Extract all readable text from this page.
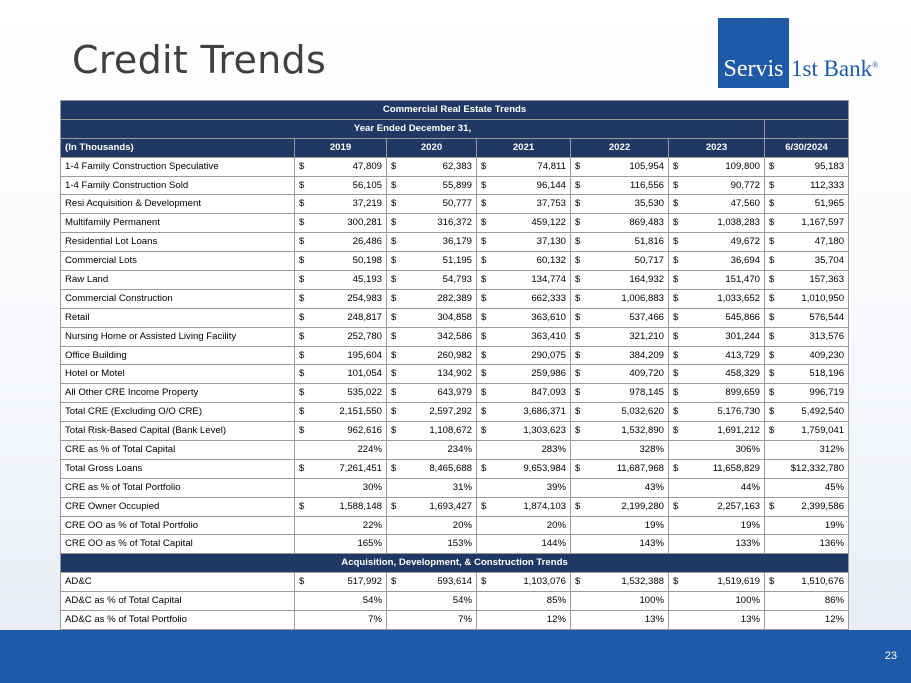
Credit Trends	Servis 1st Bank®
Commercial Real Estate Trends						
Year Ended December 31,						
(In Thousands)	2019	2020	2021	2022	2023	6/30/2024
1-4 Family Construction Speculative	$ 47,809	$ 62,383	$ 74,811	$ 105,954	$ 109,800	$ 95,183

1-4 Family Construction Sold	$ 56,105	$ 55,899	$ 96,144	$ 116,556	$ 90,772	$ 112,333

Resi Acquisition & Development	$ 37,219	$ 50,777	$ 37,753	$ 35,530	$ 47,560	$ 51,965

Multifamily Permanent	$ 300,281	$ 316,372	$ 459,122	$ 869,483	$ 1,038,283	$ 1,167,597

Residential Lot Loans	$ 26,486	$ 36,179	$ 37,130	$ 51,816	$ 49,672	$ 47,180

Commercial Lots	$ 50,198	$ 51,195	$ 60,132	$ 50,717	$ 36,694	$ 35,704

Raw Land	$ 45,193	$ 54,793	$ 134,774	$ 164,932	$ 151,470	$ 157,363

Commercial Construction	$ 254,983	$ 282,389	$ 662,333	$ 1,006,883	$ 1,033,652	$ 1,010,950

Retail	$ 248,817	$ 304,858	$ 363,610	$ 537,466	$ 545,866	$ 576,544

Nursing Home or Assisted Living Facility	$ 252,780	$ 342,586	$ 363,410	$ 321,210	$ 301,244	$ 313,576

Office Building	$ 195,604	$ 260,982	$ 290,075	$ 384,209	$ 413,729	$ 409,230

Hotel or Motel	$ 101,054	$ 134,902	$ 259,986	$ 409,720	$ 458,329	$ 518,196

All Other CRE Income Property	$ 535,022	$ 643,979	$ 847,093	$ 978,145	$ 899,659	$ 996,719

Total CRE (Excluding O/O CRE)	$ 2,151,550	$ 2,597,292	$ 3,686,371	$ 5,032,620	$ 5,176,730	$ 5,492,540

Total Risk-Based Capital (Bank Level)	$ 962,616	$ 1,108,672	$ 1,303,623	$ 1,532,890	$ 1,691,212	$ 1,759,041

CRE as % of Total Capital	224%	234%	283%	328%	306%	312%
Total Gross Loans	$ 7,261,451	$ 8,465,688	$ 9,653,984	$ 11,687,968	$ 11,658,829	$12,332,780
CRE as % of Total Portfolio	30%	31%	39%	43%	44%	45%
CRE Owner Occupied	$ 1,588,148	$ 1,693,427	$ 1,874,103	$ 2,199,280	$ 2,257,163	$ 2,399,586

CRE OO as % of Total Portfolio	22%	20%	20%	19%	19%	19%
CRE OO as % of Total Capital	165%	153%	144%	143%	133%	136%
Acquisition, Development, & Construction Trends						
AD&C	$ 517,992	$ 593,614	$ 1,103,076	$ 1,532,388	$ 1,519,619	$ 1,510,676

AD&C as % of Total Capital	54%	54%	85%	100%	100%	86%
AD&C as % of Total Portfolio	7%	7%	12%	13%	13%	12%
23
